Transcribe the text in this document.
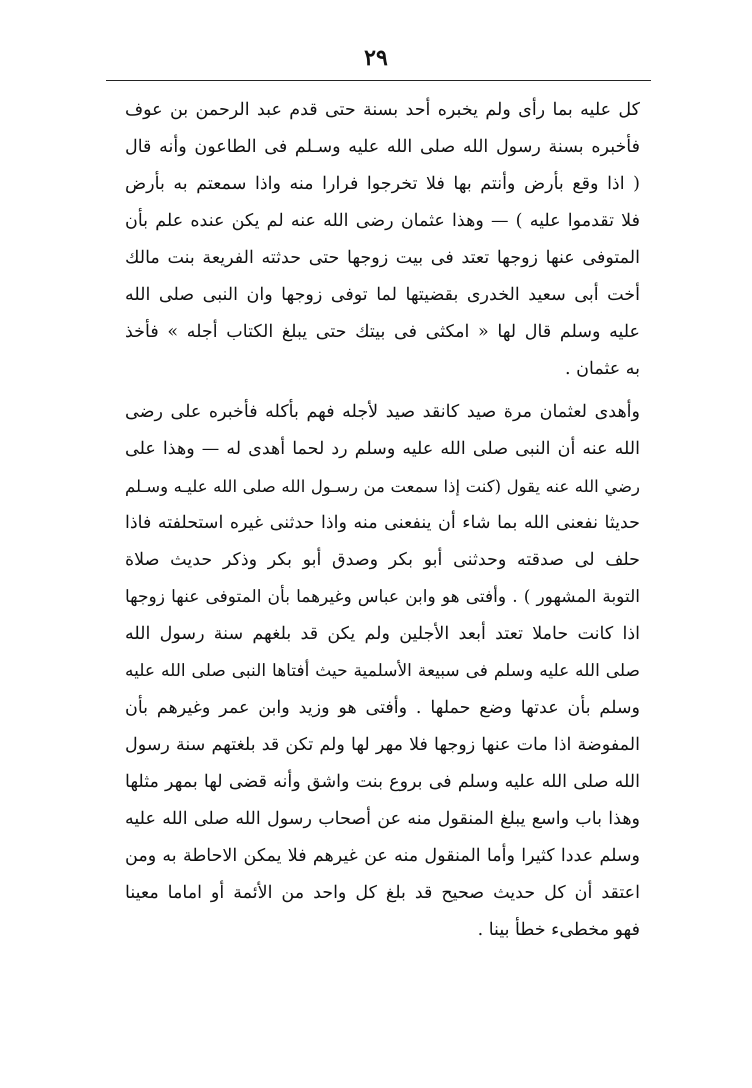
٢٩
كل عليه بما رأى ولم يخبره أحد بسنة حتى قدم عبد الرحمن بن عوف
فأخبره بسنة رسول الله صلى الله عليه وسـلم فى الطاعون وأنه قال
( اذا وقع بأرض وأنتم بها فلا تخرجوا فرارا منه واذا سمعتم به بأرض
فلا تقدموا عليه ) — وهذا عثمان رضى الله عنه لم يكن عنده علم بأن
المتوفى عنها زوجها تعتد فى بيت زوجها حتى حدثته الفريعة بنت مالك
أخت أبى سعيد الخدرى بقضيتها لما توفى زوجها وان النبى صلى الله
عليه وسلم قال لها « امكثى فى بيتك حتى يبلغ الكتاب أجله » فأخذ
به عثمان .
وأهدى لعثمان مرة صيد كانقد صيد لأجله فهم بأكله فأخبره على رضى
الله عنه أن النبى صلى الله عليه وسلم رد لحما أهدى له — وهذا على
رضي الله عنه يقول (كنت إذا سمعت من رسـول الله صلى الله عليـه وسـلم
حديثا نفعنى الله بما شاء أن ينفعنى منه واذا حدثنى غيره استحلفته فاذا
حلف لى صدقته وحدثنى أبو بكر وصدق أبو بكر وذكر حديث صلاة
التوبة المشهور ) . وأفتى هو وابن عباس وغيرهما بأن المتوفى عنها زوجها
اذا كانت حاملا تعتد أبعد الأجلين ولم يكن قد بلغهم سنة رسول الله
صلى الله عليه وسلم فى سبيعة الأسلمية حيث أفتاها النبى صلى الله عليه
وسلم بأن عدتها وضع حملها . وأفتى هو وزيد وابن عمر وغيرهم بأن
المفوضة اذا مات عنها زوجها فلا مهر لها ولم تكن قد بلغتهم سنة رسول
الله صلى الله عليه وسلم فى بروع بنت واشق وأنه قضى لها بمهر مثلها
وهذا باب واسع يبلغ المنقول منه عن أصحاب رسول الله صلى الله عليه
وسلم عددا كثيرا وأما المنقول منه عن غيرهم فلا يمكن الاحاطة به ومن
اعتقد أن كل حديث صحيح قد بلغ كل واحد من الأئمة أو اماما معينا
فهو مخطىء خطأ بينا .
